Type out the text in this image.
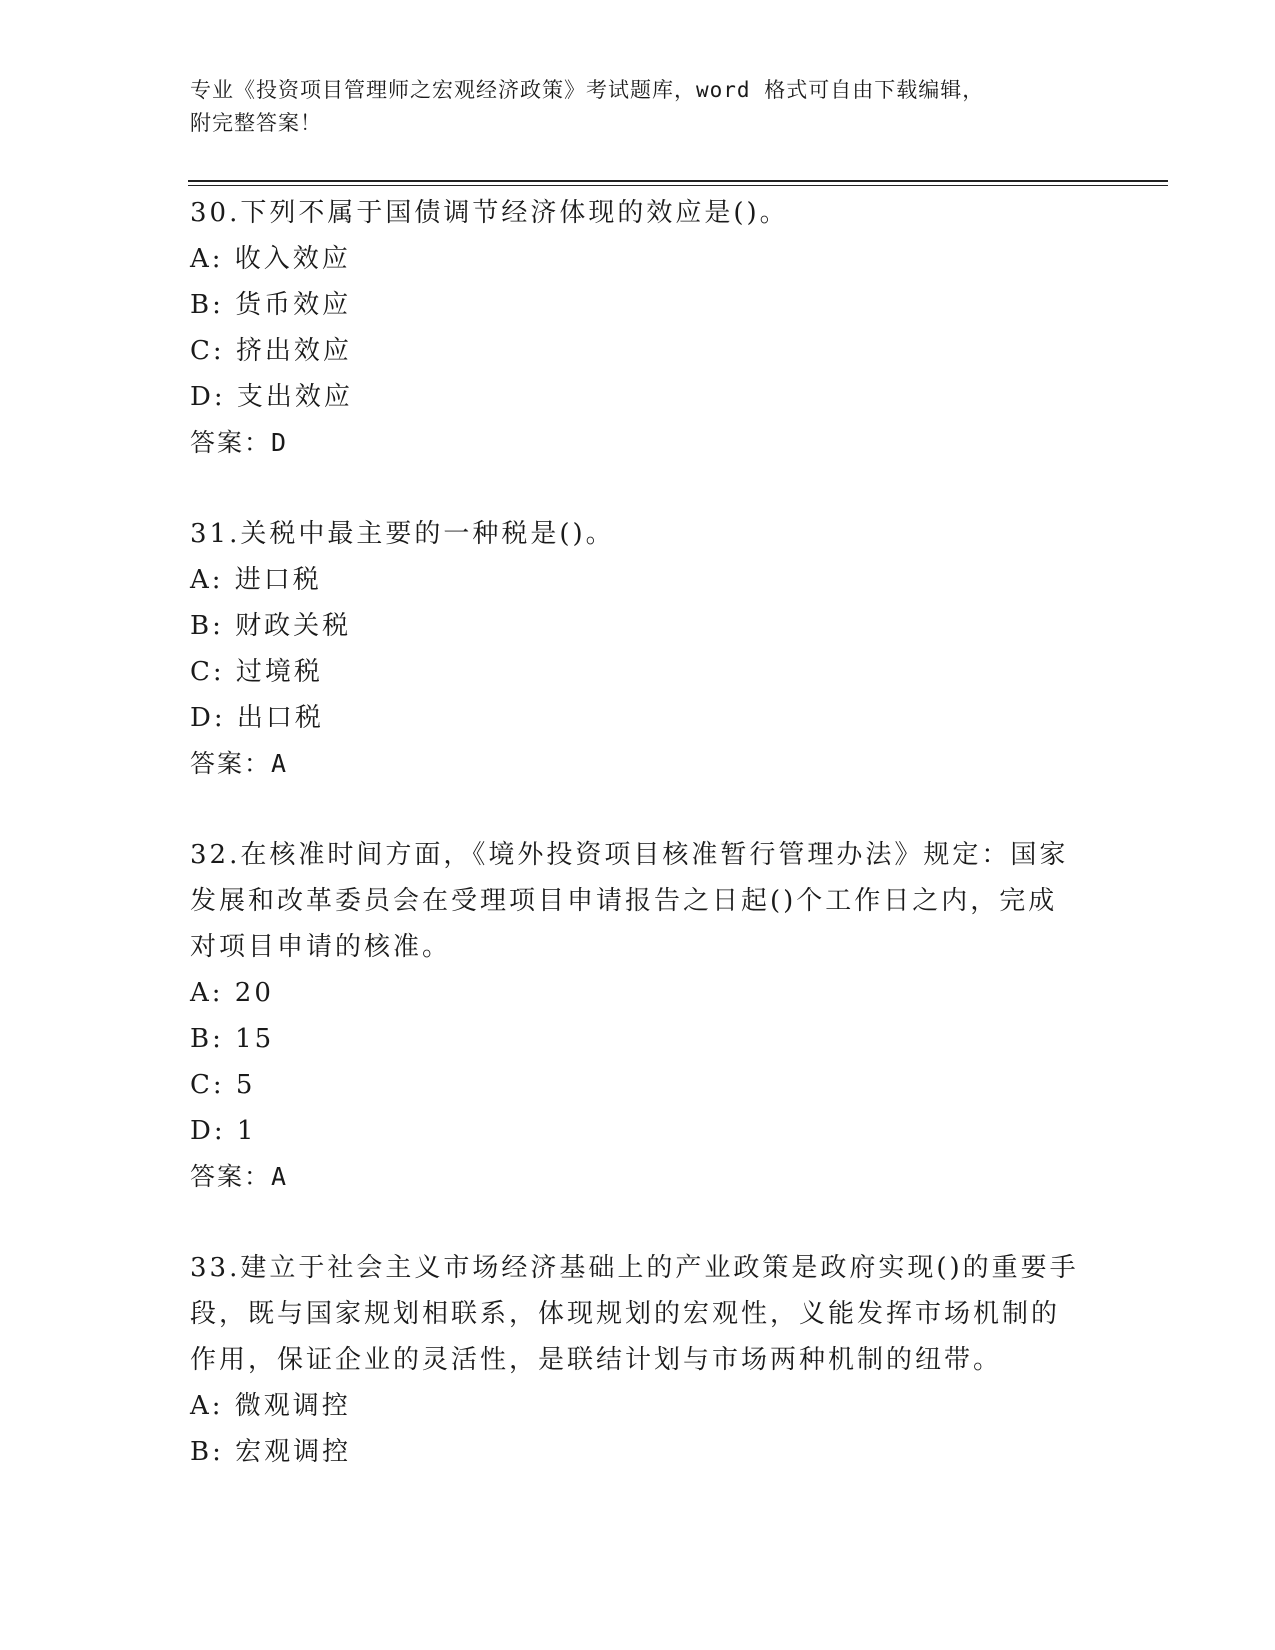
专业《投资项目管理师之宏观经济政策》考试题库，word 格式可自由下载编辑，
附完整答案！
30.下列不属于国债调节经济体现的效应是()。
A: 收入效应
B: 货币效应
C: 挤出效应
D: 支出效应
答案：D
31.关税中最主要的一种税是()。
A: 进口税
B: 财政关税
C: 过境税
D: 出口税
答案：A
32.在核准时间方面，《境外投资项目核准暂行管理办法》规定：国家
发展和改革委员会在受理项目申请报告之日起()个工作日之内，完成
对项目申请的核准。
A: 20
B: 15
C: 5
D: 1
答案：A
33.建立于社会主义市场经济基础上的产业政策是政府实现()的重要手
段，既与国家规划相联系，体现规划的宏观性，义能发挥市场机制的
作用，保证企业的灵活性，是联结计划与市场两种机制的纽带。
A: 微观调控
B: 宏观调控
